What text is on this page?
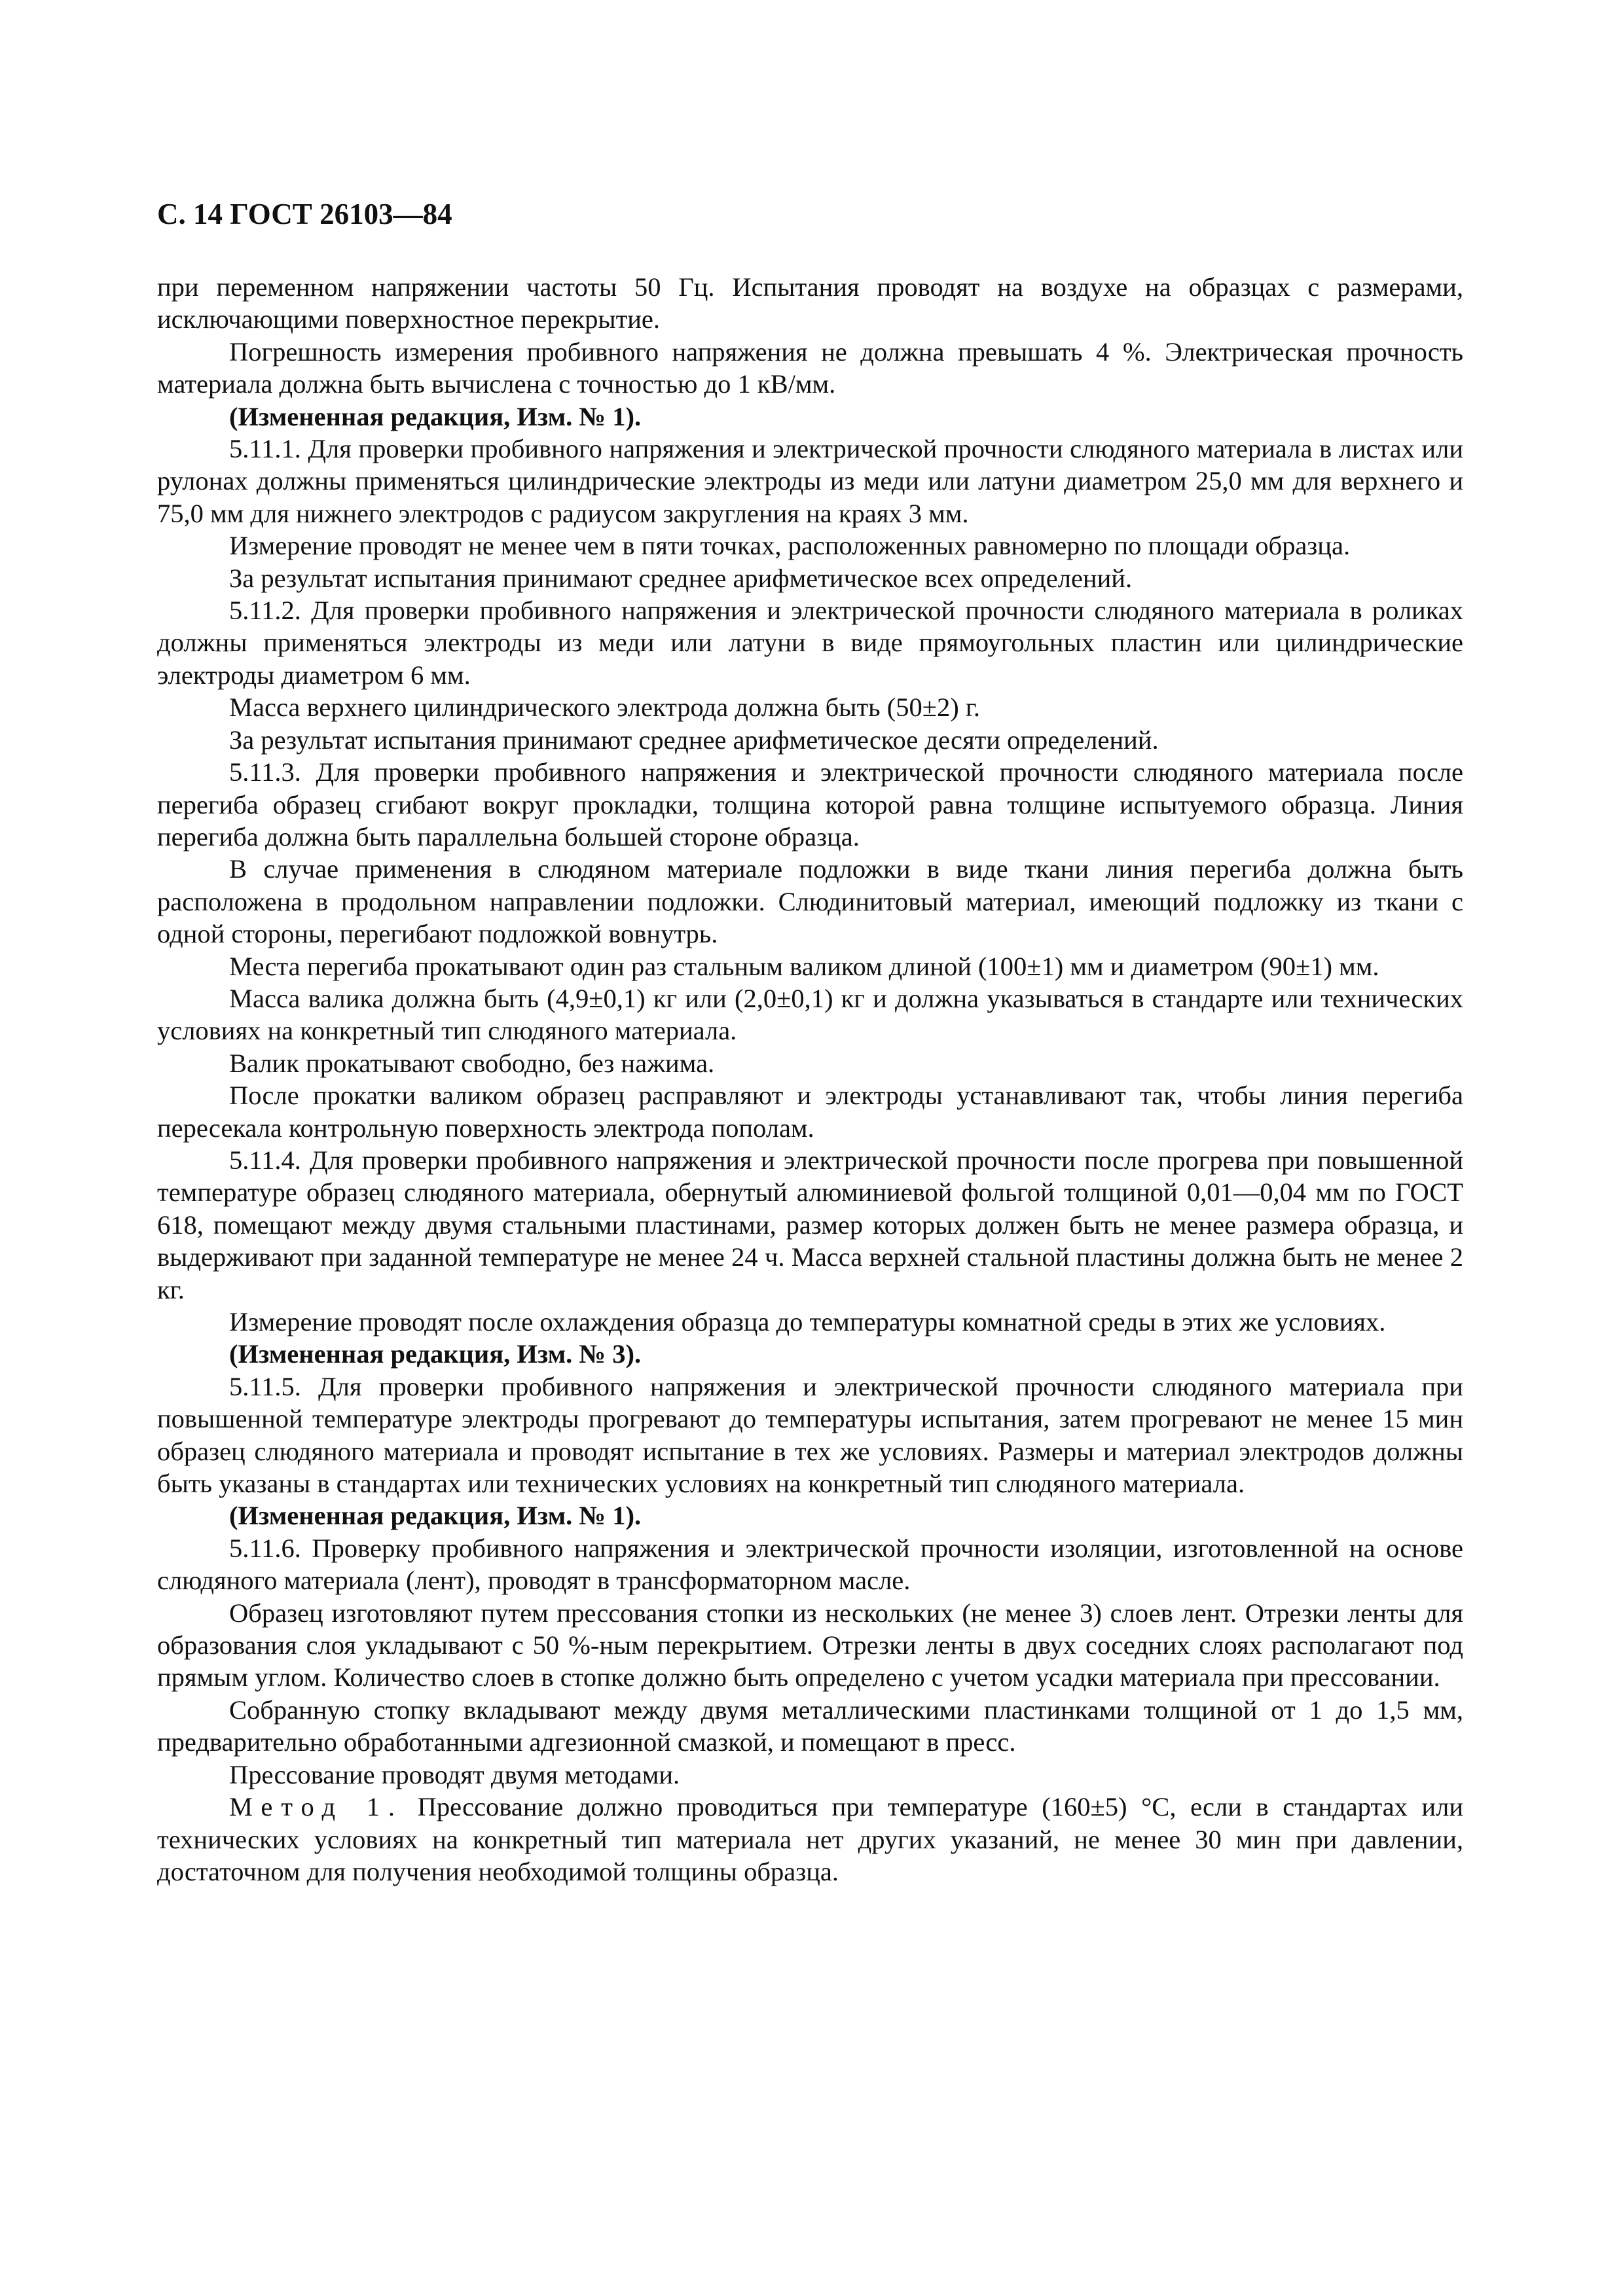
С. 14 ГОСТ 26103—84

при переменном напряжении частоты 50 Гц. Испытания проводят на воздухе на образцах с размерами, исключающими поверхностное перекрытие.

Погрешность измерения пробивного напряжения не должна превышать 4 %. Электрическая прочность материала должна быть вычислена с точностью до 1 кВ/мм.

(Измененная редакция, Изм. № 1).

5.11.1. Для проверки пробивного напряжения и электрической прочности слюдяного материала в листах или рулонах должны применяться цилиндрические электроды из меди или латуни диаметром 25,0 мм для верхнего и 75,0 мм для нижнего электродов с радиусом закругления на краях 3 мм.

Измерение проводят не менее чем в пяти точках, расположенных равномерно по площади образца.

За результат испытания принимают среднее арифметическое всех определений.

5.11.2. Для проверки пробивного напряжения и электрической прочности слюдяного материала в роликах должны применяться электроды из меди или латуни в виде прямоугольных пластин или цилиндрические электроды диаметром 6 мм.

Масса верхнего цилиндрического электрода должна быть (50±2) г.

За результат испытания принимают среднее арифметическое десяти определений.

5.11.3. Для проверки пробивного напряжения и электрической прочности слюдяного материала после перегиба образец сгибают вокруг прокладки, толщина которой равна толщине испытуемого образца. Линия перегиба должна быть параллельна большей стороне образца.

В случае применения в слюдяном материале подложки в виде ткани линия перегиба должна быть расположена в продольном направлении подложки. Слюдинитовый материал, имеющий подложку из ткани с одной стороны, перегибают подложкой вовнутрь.

Места перегиба прокатывают один раз стальным валиком длиной (100±1) мм и диаметром (90±1) мм.

Масса валика должна быть (4,9±0,1) кг или (2,0±0,1) кг и должна указываться в стандарте или технических условиях на конкретный тип слюдяного материала.

Валик прокатывают свободно, без нажима.

После прокатки валиком образец расправляют и электроды устанавливают так, чтобы линия перегиба пересекала контрольную поверхность электрода пополам.

5.11.4. Для проверки пробивного напряжения и электрической прочности после прогрева при повышенной температуре образец слюдяного материала, обернутый алюминиевой фольгой толщиной 0,01—0,04 мм по ГОСТ 618, помещают между двумя стальными пластинами, размер которых должен быть не менее размера образца, и выдерживают при заданной температуре не менее 24 ч. Масса верхней стальной пластины должна быть не менее 2 кг.

Измерение проводят после охлаждения образца до температуры комнатной среды в этих же условиях.

(Измененная редакция, Изм. № 3).

5.11.5. Для проверки пробивного напряжения и электрической прочности слюдяного материала при повышенной температуре электроды прогревают до температуры испытания, затем прогревают не менее 15 мин образец слюдяного материала и проводят испытание в тех же условиях. Размеры и материал электродов должны быть указаны в стандартах или технических условиях на конкретный тип слюдяного материала.

(Измененная редакция, Изм. № 1).

5.11.6. Проверку пробивного напряжения и электрической прочности изоляции, изготовленной на основе слюдяного материала (лент), проводят в трансформаторном масле.

Образец изготовляют путем прессования стопки из нескольких (не менее 3) слоев лент. Отрезки ленты для образования слоя укладывают с 50 %-ным перекрытием. Отрезки ленты в двух соседних слоях располагают под прямым углом. Количество слоев в стопке должно быть определено с учетом усадки материала при прессовании.

Собранную стопку вкладывают между двумя металлическими пластинками толщиной от 1 до 1,5 мм, предварительно обработанными адгезионной смазкой, и помещают в пресс.

Прессование проводят двумя методами.

Метод 1. Прессование должно проводиться при температуре (160±5) °С, если в стандартах или технических условиях на конкретный тип материала нет других указаний, не менее 30 мин при давлении, достаточном для получения необходимой толщины образца.
